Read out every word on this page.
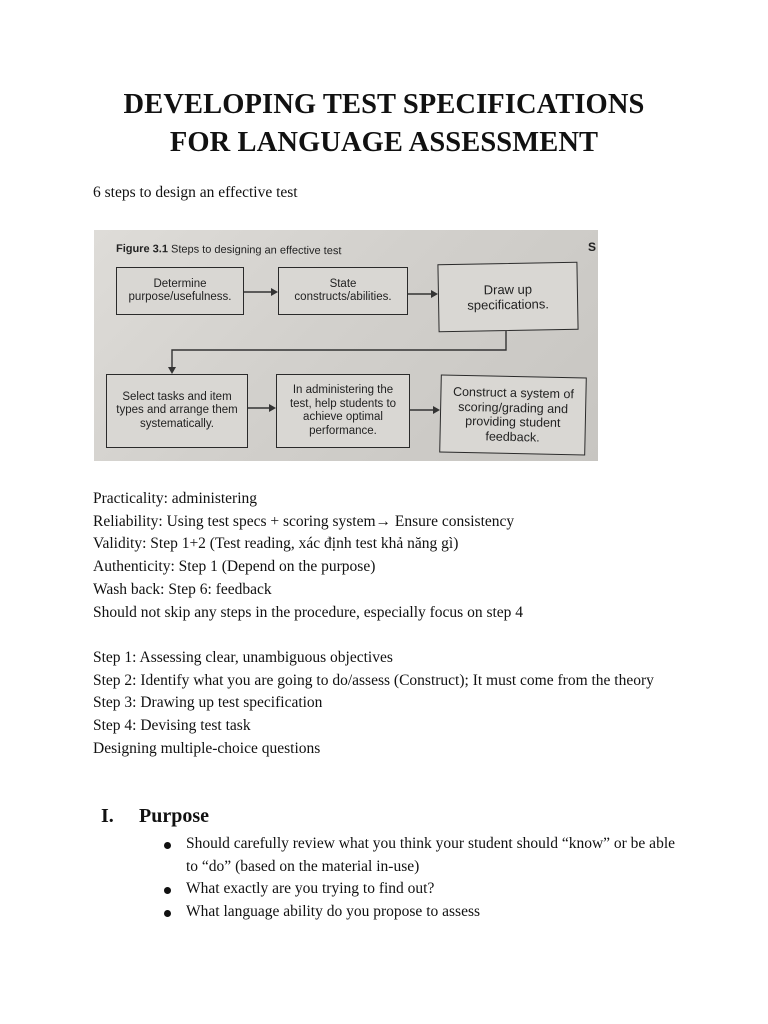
DEVELOPING TEST SPECIFICATIONS
FOR LANGUAGE ASSESSMENT
6 steps to design an effective test
Figure 3.1 Steps to designing an effective test	S
Determine purpose/usefulness.
State constructs/abilities.	Draw up specifications.
Select tasks and item types and arrange them systematically.
In administering the test, help students to achieve optimal performance.
Construct a system of scoring/grading and providing student feedback.
Practicality: administering
Reliability: Using test specs + scoring system→ Ensure consistency
Validity: Step 1+2 (Test reading, xác định test khả năng gì)
Authenticity: Step 1 (Depend on the purpose)
Wash back: Step 6: feedback
Should not skip any steps in the procedure, especially focus on step 4
Step 1: Assessing clear, unambiguous objectives
Step 2: Identify what you are going to do/assess (Construct); It must come from the theory
Step 3: Drawing up test specification
Step 4: Devising test task
Designing multiple-choice questions
I. Purpose
Should carefully review what you think your student should “know” or be able to “do” (based on the material in-use)
What exactly are you trying to find out?
What language ability do you propose to assess
